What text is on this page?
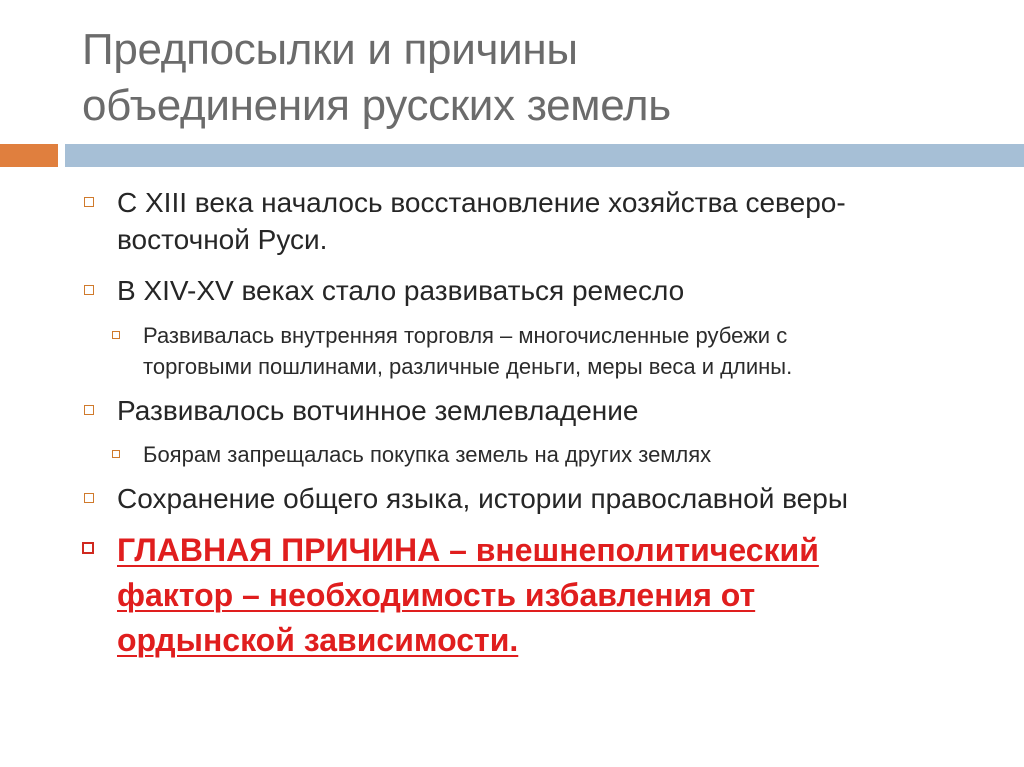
Предпосылки и причины
объединения русских земель
С XIII века началось восстановление хозяйства северо-
восточной Руси.
В XIV-XV веках стало развиваться ремесло
Развивалась внутренняя торговля – многочисленные рубежи с
торговыми пошлинами, различные деньги, меры веса и длины.
Развивалось вотчинное землевладение
Боярам запрещалась покупка земель на других землях
Сохранение общего языка, истории православной веры
ГЛАВНАЯ ПРИЧИНА – внешнеполитический
фактор – необходимость избавления от
ордынской зависимости.
